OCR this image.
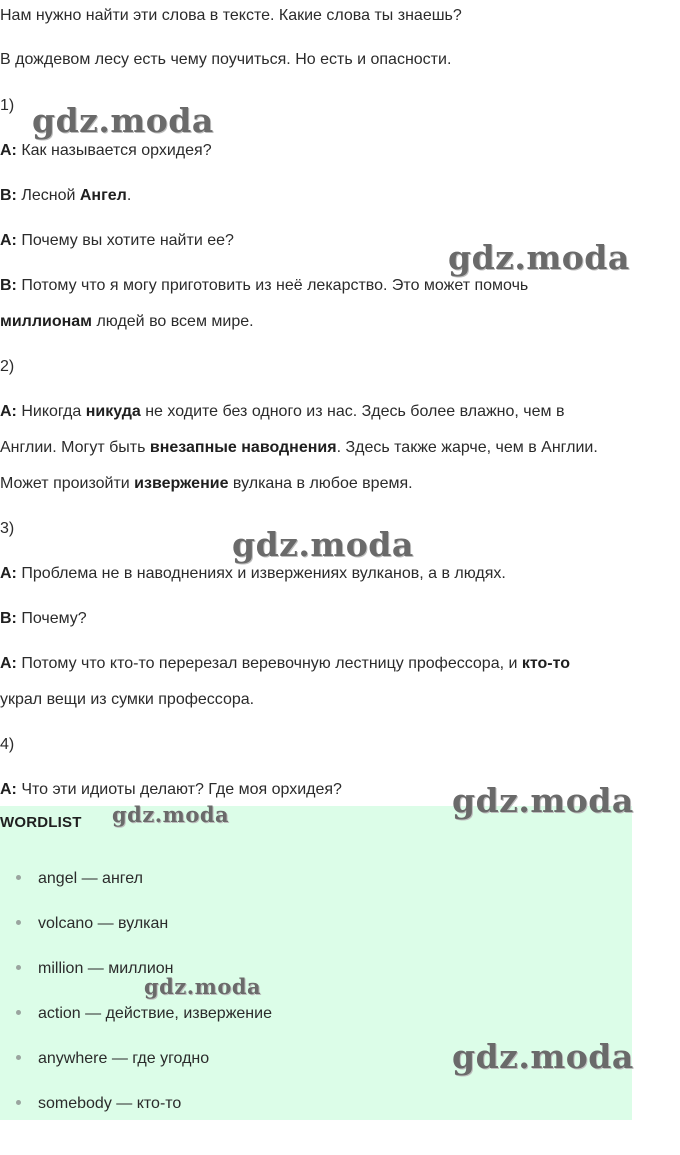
Нам нужно найти эти слова в тексте. Какие слова ты знаешь?
В дождевом лесу есть чему поучиться. Но есть и опасности.
1)
A: Как называется орхидея?
B: Лесной Ангел.
A: Почему вы хотите найти ее?
B: Потому что я могу приготовить из неё лекарство. Это может помочь
миллионам людей во всем мире.
2)
A: Никогда никуда не ходите без одного из нас. Здесь более влажно, чем в
Англии. Могут быть внезапные наводнения. Здесь также жарче, чем в Англии.
Может произойти извержение вулкана в любое время.
3)
A: Проблема не в наводнениях и извержениях вулканов, а в людях.
B: Почему?
A: Потому что кто-то перерезал веревочную лестницу профессора, и кто-то
украл вещи из сумки профессора.
4)
A: Что эти идиоты делают? Где моя орхидея?
WORDLIST
angel — ангел
volcano — вулкан
million — миллион
action — действие, извержение
anywhere — где угодно
somebody — кто-то
gdz.moda
gdz.moda
gdz.moda
gdz.moda
gdz.moda
gdz.moda
gdz.moda
